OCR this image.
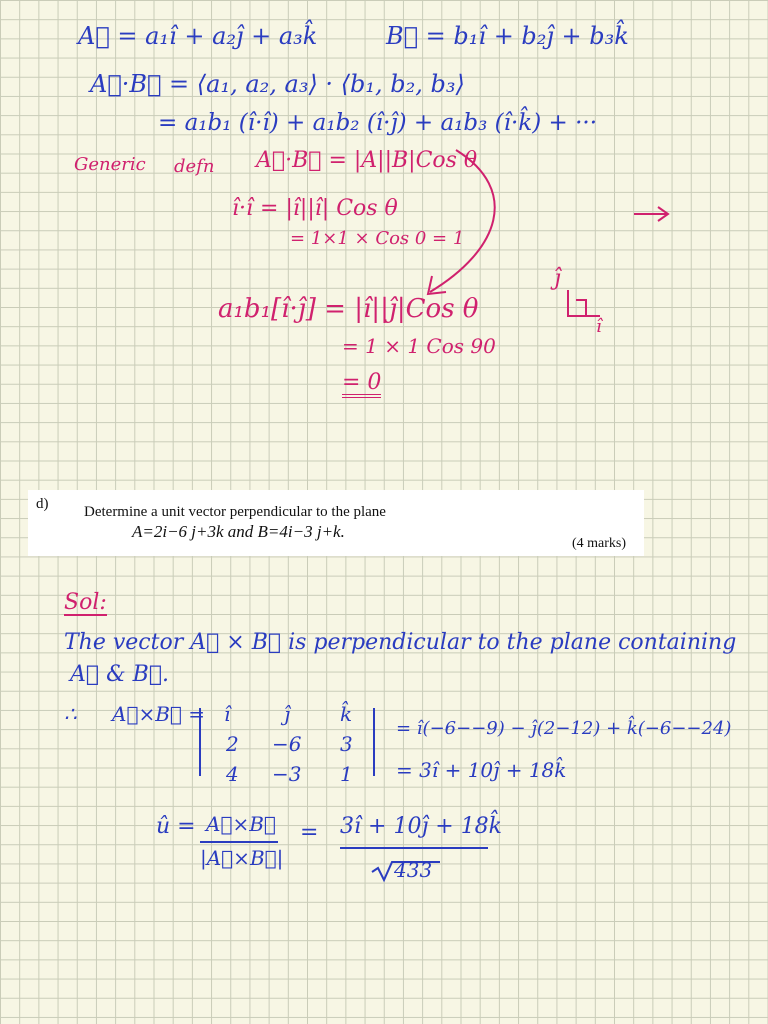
A⃗ = a₁î + a₂ĵ + a₃k̂	B⃗ = b₁î + b₂ĵ + b₃k̂
A⃗·B⃗ = ⟨a₁, a₂, a₃⟩ · ⟨b₁, b₂, b₃⟩
= a₁b₁ (î·î) + a₁b₂ (î·ĵ) + a₁b₃ (î·k̂) + ···
Generic defn A⃗·B⃗ = |A||B|Cos θ
î·î = |î||î| Cos θ
= 1×1 × Cos 0 = 1
a₁b₁[î·ĵ] = |î||ĵ|Cos θ
= 1 × 1 Cos 90
= 0
ĵ
î
d) Determine a unit vector perpendicular to the plane
A=2i−6 j+3k and B=4i−3 j+k.
(4 marks)
Sol:
The vector A⃗ × B⃗ is perpendicular to the plane containing
A⃗ & B⃗.
∴ A⃗×B⃗ = î	ĵ k̂
2 −6 3
4 −3 1
= î(−6−−9) − ĵ(2−12) + k̂(−6−−24)
= 3î + 10ĵ + 18k̂
û = A⃗×B⃗
|A⃗×B⃗|
= 3î + 10ĵ + 18k̂
433
